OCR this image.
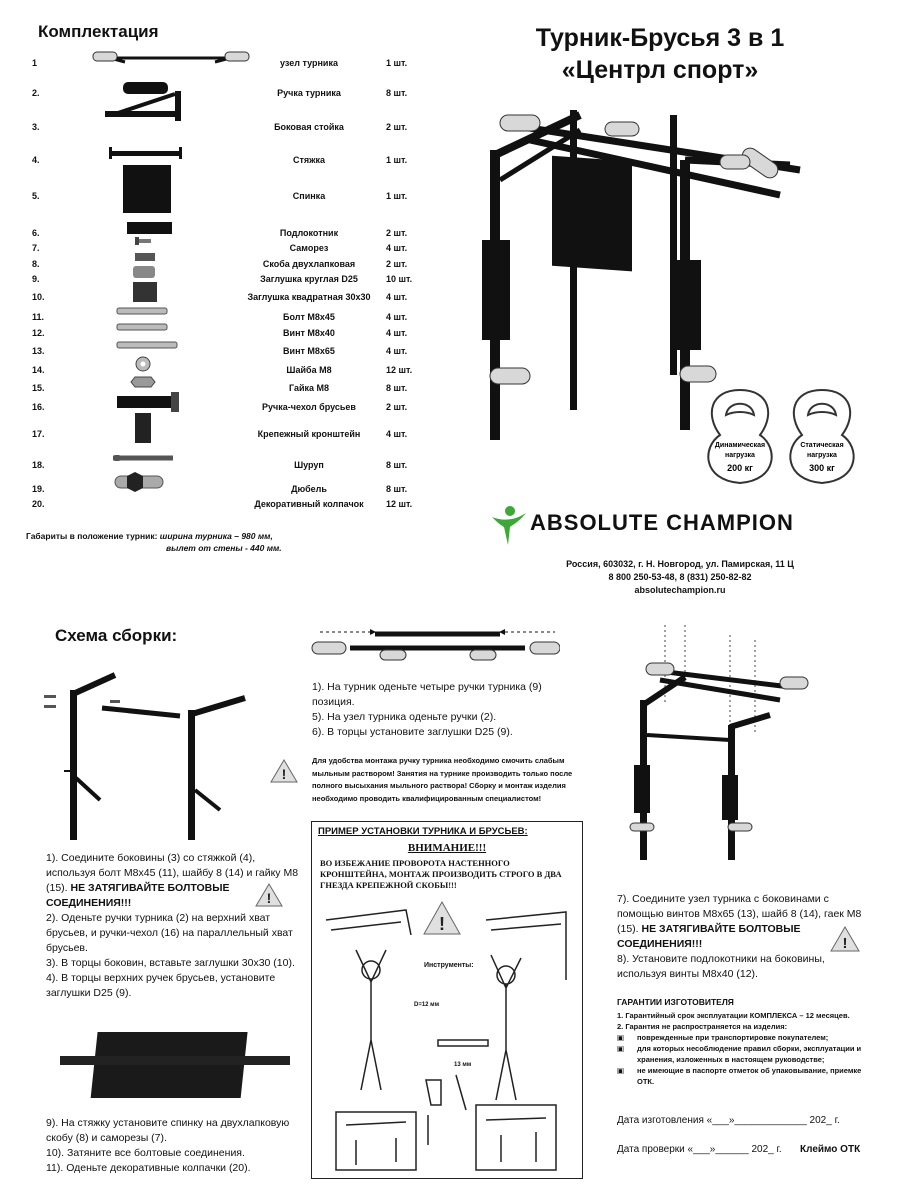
Комплектация
1	узел турника	1 шт.
2.	Ручка турника	8 шт.
3.	Боковая стойка	2 шт.
4.	Стяжка	1 шт.
5.	Спинка	1 шт.
6.	Подлокотник	2 шт.
7.	Саморез	4 шт.
8.	Скоба двухлапковая	2 шт.
9.	Заглушка круглая D25	10 шт.
10.	Заглушка квадратная 30х30	4 шт.
11.	Болт М8х45	4 шт.
12.	Винт М8х40	4 шт.
13.	Винт М8х65	4 шт.
14.	Шайба М8	12 шт.
15.	Гайка М8	8 шт.
16.	Ручка-чехол брусьев	2 шт.
17.	Крепежный кронштейн	4 шт.
18.	Шуруп	8 шт.
19.	Дюбель	8 шт.
20.	Декоративный колпачок	12 шт.
Габариты в положение турник: ширина турника – 980 мм,
вылет от стены - 440 мм.
Турник-Брусья 3 в 1
«Центрл спорт»
Динамическая
нагрузка
200 кг
Статическая
нагрузка
300 кг
ABSOLUTE CHAMPION
Россия, 603032, г. Н. Новгород, ул. Памирская, 11 Ц
8 800 250-53-48, 8 (831) 250-82-82
absolutechampion.ru
Схема сборки:
!
1). Соедините боковины (3) со стяжкой (4), используя болт М8х45 (11), шайбу 8 (14) и гайку М8 (15). НЕ ЗАТЯГИВАЙТЕ БОЛТОВЫЕ СОЕДИНЕНИЯ!!!
2). Оденьте ручки турника (2) на верхний хват брусьев, и ручки-чехол (16) на параллельный хват брусьев.
3). В торцы боковин, вставьте заглушки 30х30 (10).
4). В торцы верхних ручек брусьев, установите заглушки D25 (9).
!
9). На стяжку установите спинку на двухлапковую скобу (8) и саморезы (7).
10). Затяните все болтовые соединения.
11). Оденьте декоративные колпачки (20).
1). На турник оденьте четыре ручки турника (9) позиция.
5). На узел турника оденьте ручки (2).
6). В торцы установите заглушки D25 (9).
Для удобства монтажа ручку турника необходимо смочить слабым мыльным раствором! Занятия на турнике производить только после полного высыхания мыльного раствора! Сборку и монтаж изделия необходимо проводить квалифицированным специалистом!
ПРИМЕР УСТАНОВКИ ТУРНИКА И БРУСЬЕВ:
ВНИМАНИЕ!!!
ВО ИЗБЕЖАНИЕ ПРОВОРОТА НАСТЕННОГО КРОНШТЕЙНА, МОНТАЖ ПРОИЗВОДИТЬ СТРОГО В ДВА ГНЕЗДА КРЕПЕЖНОЙ СКОБЫ!!!
!
Инструменты:
D=12 мм
13 мм
7). Соедините узел турника с боковинами с помощью винтов М8х65 (13), шайб 8 (14), гаек М8 (15). НЕ ЗАТЯГИВАЙТЕ БОЛТОВЫЕ СОЕДИНЕНИЯ!!!
8). Установите подлокотники на боковины, используя винты М8х40 (12).
!
ГАРАНТИИ ИЗГОТОВИТЕЛЯ
1. Гарантийный срок эксплуатации КОМПЛЕКСА – 12 месяцев.
2. Гарантия не распространяется на изделия:
▣	поврежденные при транспортировке покупателем;
▣	для которых несоблюдение правил сборки, эксплуатации и хранения, изложенных в настоящем руководстве;
▣	не имеющие в паспорте отметок об упаковывание, приемке ОТК.
Дата изготовления «___»_____________ 202_ г.
Дата проверки «___»______ 202_ г. Клеймо ОТК
